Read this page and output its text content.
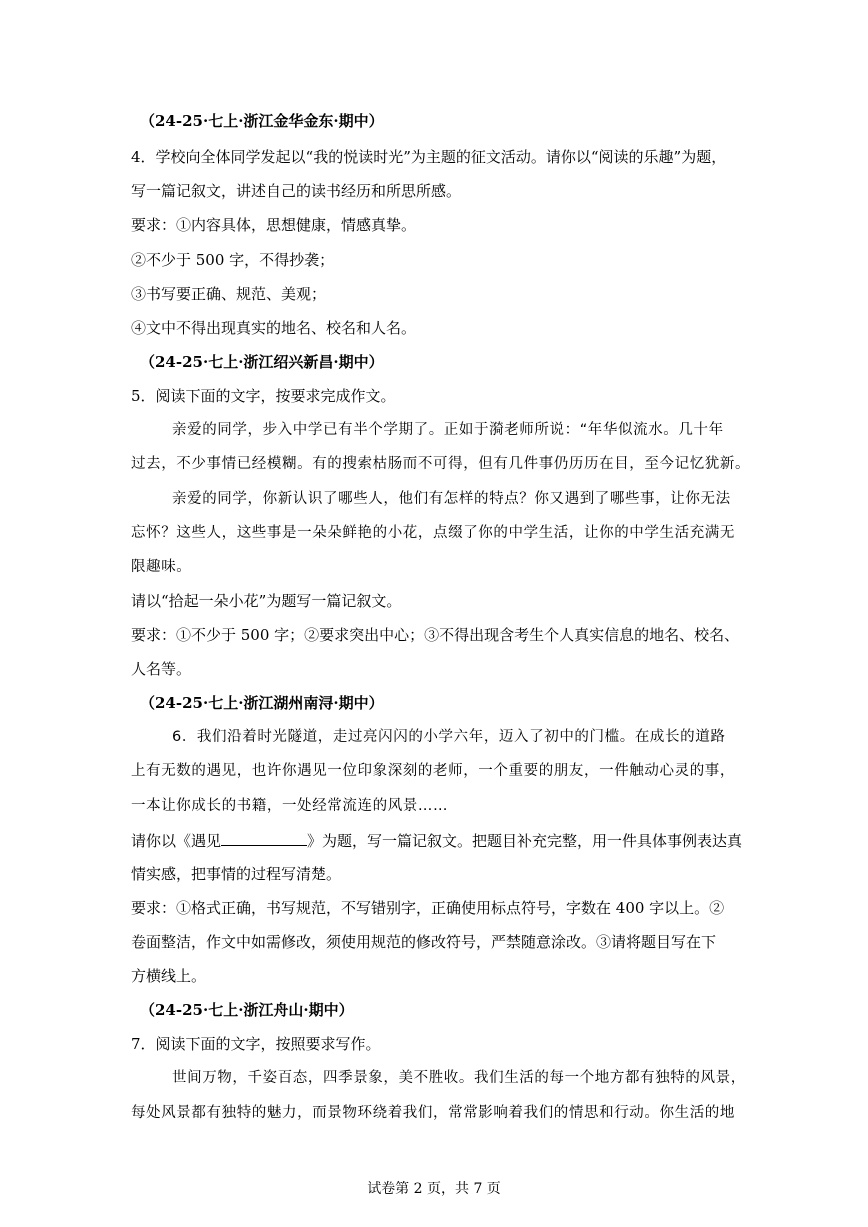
（24-25·七上·浙江金华金东·期中）
4．学校向全体同学发起以“我的悦读时光”为主题的征文活动。请你以“阅读的乐趣”为题，
写一篇记叙文，讲述自己的读书经历和所思所感。
要求：①内容具体，思想健康，情感真挚。
②不少于 500 字，不得抄袭；
③书写要正确、规范、美观；
④文中不得出现真实的地名、校名和人名。
（24-25·七上·浙江绍兴新昌·期中）
5．阅读下面的文字，按要求完成作文。
亲爱的同学，步入中学已有半个学期了。正如于漪老师所说：“年华似流水。几十年
过去，不少事情已经模糊。有的搜索枯肠而不可得，但有几件事仍历历在目，至今记忆犹新。
亲爱的同学，你新认识了哪些人，他们有怎样的特点？你又遇到了哪些事，让你无法
忘怀？这些人，这些事是一朵朵鲜艳的小花，点缀了你的中学生活，让你的中学生活充满无
限趣味。
请以“拾起一朵小花”为题写一篇记叙文。
要求：①不少于 500 字；②要求突出中心；③不得出现含考生个人真实信息的地名、校名、
人名等。
（24-25·七上·浙江湖州南浔·期中）
6．我们沿着时光隧道，走过亮闪闪的小学六年，迈入了初中的门槛。在成长的道路
上有无数的遇见，也许你遇见一位印象深刻的老师，一个重要的朋友，一件触动心灵的事，
一本让你成长的书籍，一处经常流连的风景……
请你以《遇见	》为题，写一篇记叙文。把题目补充完整，用一件具体事例表达真
情实感，把事情的过程写清楚。
要求：①格式正确，书写规范，不写错别字，正确使用标点符号，字数在 400 字以上。②
卷面整洁，作文中如需修改，须使用规范的修改符号，严禁随意涂改。③请将题目写在下
方横线上。
（24-25·七上·浙江舟山·期中）
7．阅读下面的文字，按照要求写作。
世间万物，千姿百态，四季景象，美不胜收。我们生活的每一个地方都有独特的风景，
每处风景都有独特的魅力，而景物环绕着我们，常常影响着我们的情思和行动。你生活的地
试卷第 2 页，共 7 页
